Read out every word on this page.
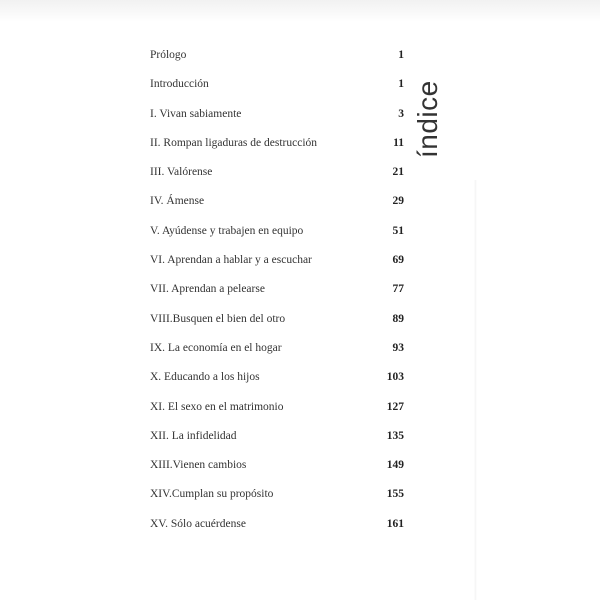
índice
Prólogo	1
Introducción	1
I. Vivan sabiamente	3
II. Rompan ligaduras de destrucción	11
III. Valórense	21
IV. Ámense	29
V. Ayúdense y trabajen en equipo	51
VI. Aprendan a hablar y a escuchar	69
VII. Aprendan a pelearse	77
VIII.Busquen el bien del otro	89
IX. La economía en el hogar	93
X. Educando a los hijos	103
XI. El sexo en el matrimonio	127
XII. La infidelidad	135
XIII.Vienen cambios	149
XIV.Cumplan su propósito	155
XV. Sólo acuérdense	161
